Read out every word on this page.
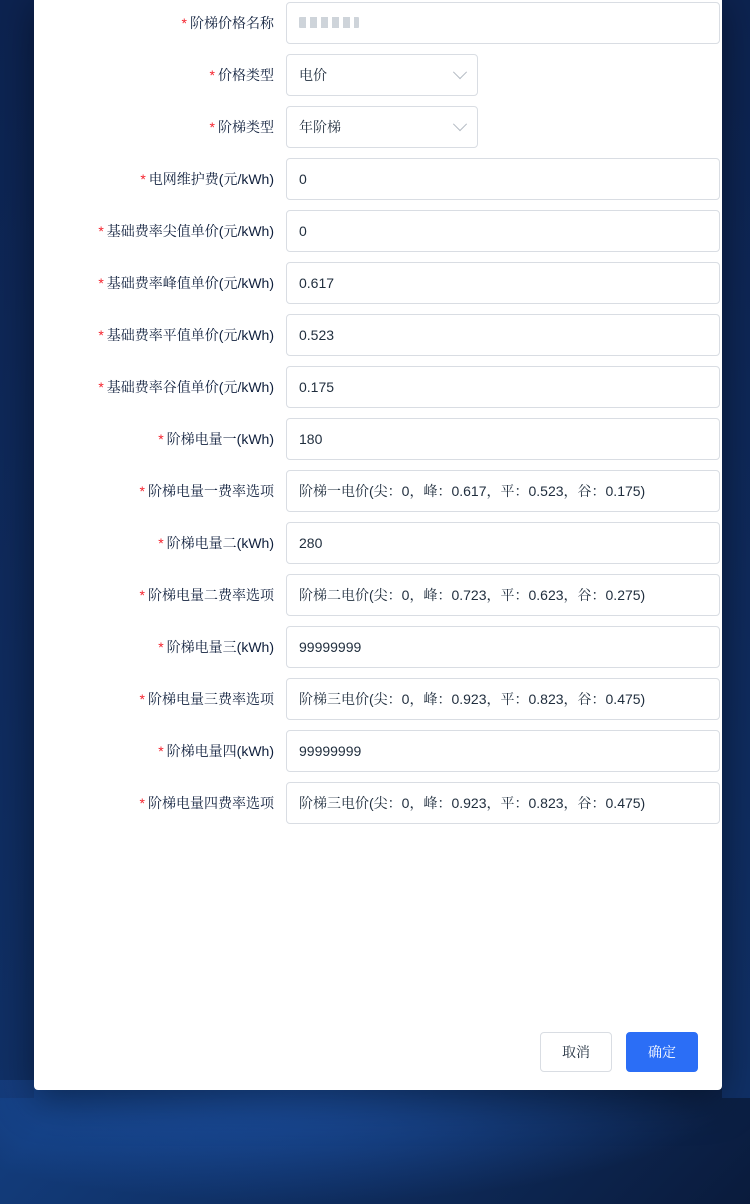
* 阶梯价格名称
* 价格类型	电价
* 阶梯类型	年阶梯
* 电网维护费(元/kWh)	0
* 基础费率尖值单价(元/kWh)	0
* 基础费率峰值单价(元/kWh)	0.617
* 基础费率平值单价(元/kWh)	0.523
* 基础费率谷值单价(元/kWh)	0.175
* 阶梯电量一(kWh)	180
* 阶梯电量一费率选项	阶梯一电价(尖：0，峰：0.617，平：0.523，谷：0.175)
* 阶梯电量二(kWh)	280
* 阶梯电量二费率选项	阶梯二电价(尖：0，峰：0.723，平：0.623，谷：0.275)
* 阶梯电量三(kWh)	99999999
* 阶梯电量三费率选项	阶梯三电价(尖：0，峰：0.923，平：0.823，谷：0.475)
* 阶梯电量四(kWh)	99999999
* 阶梯电量四费率选项	阶梯三电价(尖：0，峰：0.923，平：0.823，谷：0.475)
取消	确定
